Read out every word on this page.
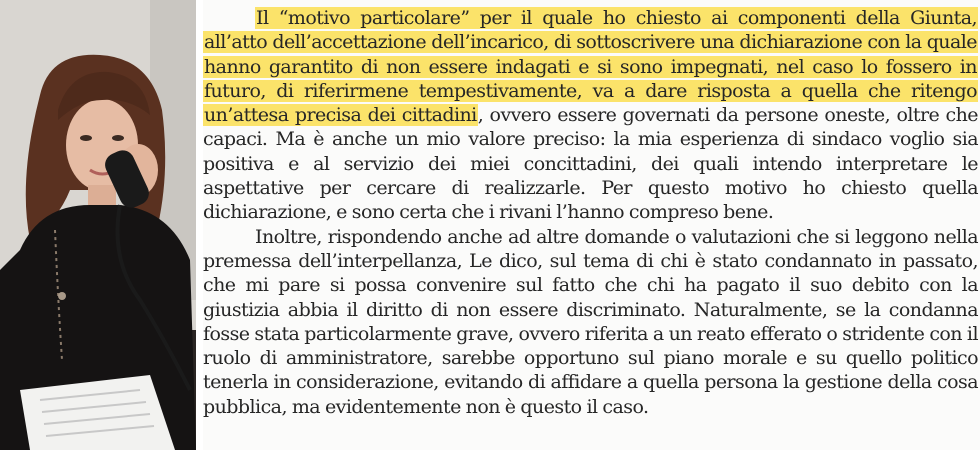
Il “motivo particolare” per il quale ho chiesto ai componenti della Giunta, all’atto dell’accettazione dell’incarico, di sottoscrivere una dichiarazione con la quale hanno garantito di non essere indagati e si sono impegnati, nel caso lo fossero in futuro, di riferirmene tempestivamente, va a dare risposta a quella che ritengo un’attesa precisa dei cittadini, ovvero essere governati da persone oneste, oltre che capaci. Ma è anche un mio valore preciso: la mia esperienza di sindaco voglio sia positiva e al servizio dei miei concittadini, dei quali intendo interpretare le aspettative per cercare di realizzarle. Per questo motivo ho chiesto quella dichiarazione, e sono certa che i rivani l’hanno compreso bene.

Inoltre, rispondendo anche ad altre domande o valutazioni che si leggono nella premessa dell’interpellanza, Le dico, sul tema di chi è stato condannato in passato, che mi pare si possa convenire sul fatto che chi ha pagato il suo debito con la giustizia abbia il diritto di non essere discriminato. Naturalmente, se la condanna fosse stata particolarmente grave, ovvero riferita a un reato efferato o stridente con il ruolo di amministratore, sarebbe opportuno sul piano morale e su quello politico tenerla in considerazione, evitando di affidare a quella persona la gestione della cosa pubblica, ma evidentemente non è questo il caso.
